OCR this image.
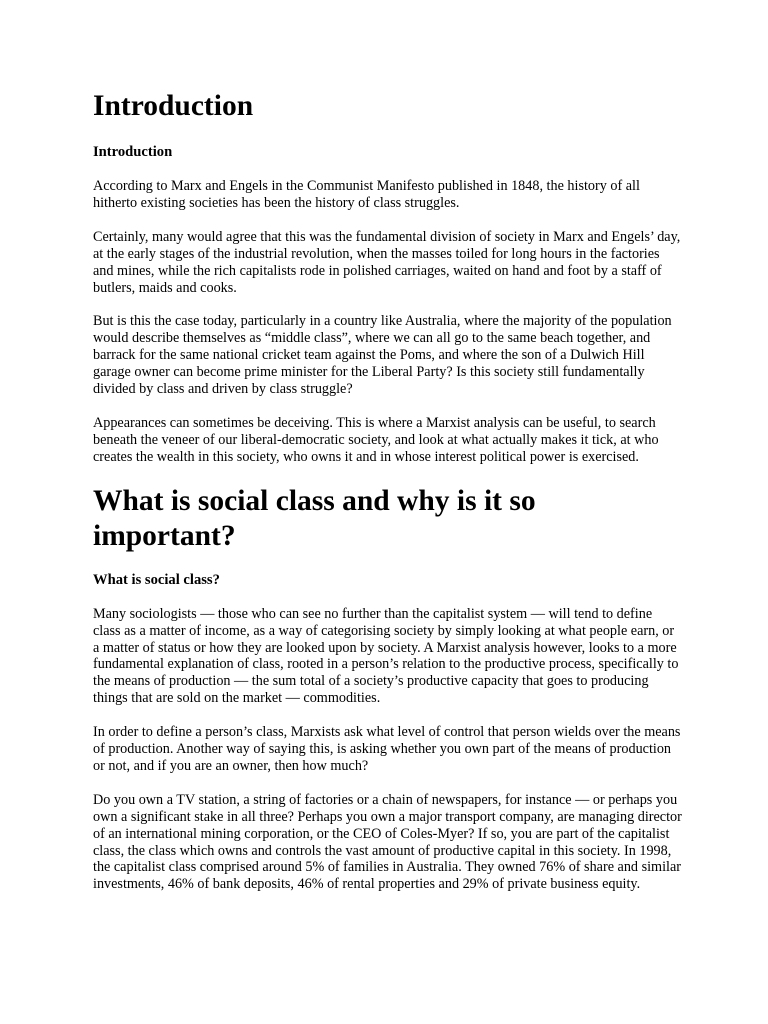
Introduction
Introduction

According to Marx and Engels in the Communist Manifesto published in 1848, the history of all hitherto existing societies has been the history of class struggles.

Certainly, many would agree that this was the fundamental division of society in Marx and Engels’ day, at the early stages of the industrial revolution, when the masses toiled for long hours in the factories and mines, while the rich capitalists rode in polished carriages, waited on hand and foot by a staff of butlers, maids and cooks.

But is this the case today, particularly in a country like Australia, where the majority of the population would describe themselves as “middle class”, where we can all go to the same beach together, and barrack for the same national cricket team against the Poms, and where the son of a Dulwich Hill garage owner can become prime minister for the Liberal Party? Is this society still fundamentally divided by class and driven by class struggle?

Appearances can sometimes be deceiving. This is where a Marxist analysis can be useful, to search beneath the veneer of our liberal-democratic society, and look at what actually makes it tick, at who creates the wealth in this society, who owns it and in whose interest political power is exercised.

What is social class and why is it so important?
What is social class?

Many sociologists — those who can see no further than the capitalist system — will tend to define class as a matter of income, as a way of categorising society by simply looking at what people earn, or a matter of status or how they are looked upon by society. A Marxist analysis however, looks to a more fundamental explanation of class, rooted in a person’s relation to the productive process, specifically to the means of production — the sum total of a society’s productive capacity that goes to producing things that are sold on the market — commodities.

In order to define a person’s class, Marxists ask what level of control that person wields over the means of production. Another way of saying this, is asking whether you own part of the means of production or not, and if you are an owner, then how much?

Do you own a TV station, a string of factories or a chain of newspapers, for instance — or perhaps you own a significant stake in all three? Perhaps you own a major transport company, are managing director of an international mining corporation, or the CEO of Coles-Myer? If so, you are part of the capitalist class, the class which owns and controls the vast amount of productive capital in this society. In 1998, the capitalist class comprised around 5% of families in Australia. They owned 76% of share and similar investments, 46% of bank deposits, 46% of rental properties and 29% of private business equity.
